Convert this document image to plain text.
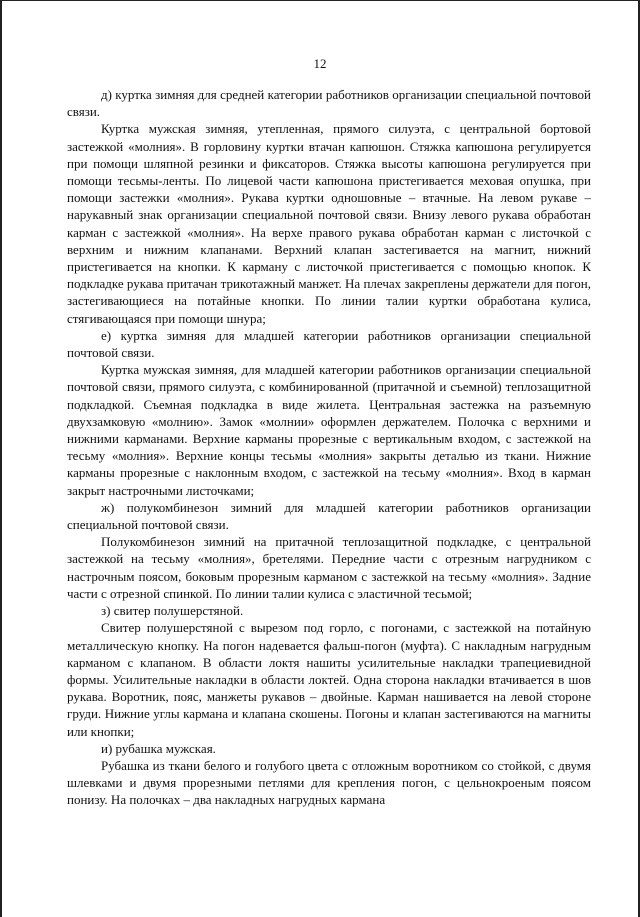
12

д) куртка зимняя для средней категории работников организации специальной почтовой связи.

Куртка мужская зимняя, утепленная, прямого силуэта, с центральной бортовой застежкой «молния». В горловину куртки втачан капюшон. Стяжка капюшона регулируется при помощи шляпной резинки и фиксаторов. Стяжка высоты капюшона регулируется при помощи тесьмы-ленты. По лицевой части капюшона пристегивается меховая опушка, при помощи застежки «молния». Рукава куртки одношовные – втачные. На левом рукаве – нарукавный знак организации специальной почтовой связи. Внизу левого рукава обработан карман с застежкой «молния». На верхе правого рукава обработан карман с листочкой с верхним и нижним клапанами. Верхний клапан застегивается на магнит, нижний пристегивается на кнопки. К карману с листочкой пристегивается с помощью кнопок. К подкладке рукава притачан трикотажный манжет. На плечах закреплены держатели для погон, застегивающиеся на потайные кнопки. По линии талии куртки обработана кулиса, стягивающаяся при помощи шнура;

е) куртка зимняя для младшей категории работников организации специальной почтовой связи.

Куртка мужская зимняя, для младшей категории работников организации специальной почтовой связи, прямого силуэта, с комбинированной (притачной и съемной) теплозащитной подкладкой. Съемная подкладка в виде жилета. Центральная застежка на разъемную двухзамковую «молнию». Замок «молнии» оформлен держателем. Полочка с верхними и нижними карманами. Верхние карманы прорезные с вертикальным входом, с застежкой на тесьму «молния». Верхние концы тесьмы «молния» закрыты деталью из ткани. Нижние карманы прорезные с наклонным входом, с застежкой на тесьму «молния». Вход в карман закрыт настрочными листочками;

ж) полукомбинезон зимний для младшей категории работников организации специальной почтовой связи.

Полукомбинезон зимний на притачной теплозащитной подкладке, с центральной застежкой на тесьму «молния», бретелями. Передние части с отрезным нагрудником с настрочным поясом, боковым прорезным карманом с застежкой на тесьму «молния». Задние части с отрезной спинкой. По линии талии кулиса с эластичной тесьмой;

з) свитер полушерстяной.

Свитер полушерстяной с вырезом под горло, с погонами, с застежкой на потайную металлическую кнопку. На погон надевается фальш-погон (муфта). С накладным нагрудным карманом с клапаном. В области локтя нашиты усилительные накладки трапециевидной формы. Усилительные накладки в области локтей. Одна сторона накладки втачивается в шов рукава. Воротник, пояс, манжеты рукавов – двойные. Карман нашивается на левой стороне груди. Нижние углы кармана и клапана скошены. Погоны и клапан застегиваются на магниты или кнопки;

и) рубашка мужская.

Рубашка из ткани белого и голубого цвета с отложным воротником со стойкой, с двумя шлевками и двумя прорезными петлями для крепления погон, с цельнокроеным поясом понизу. На полочках – два накладных нагрудных кармана
